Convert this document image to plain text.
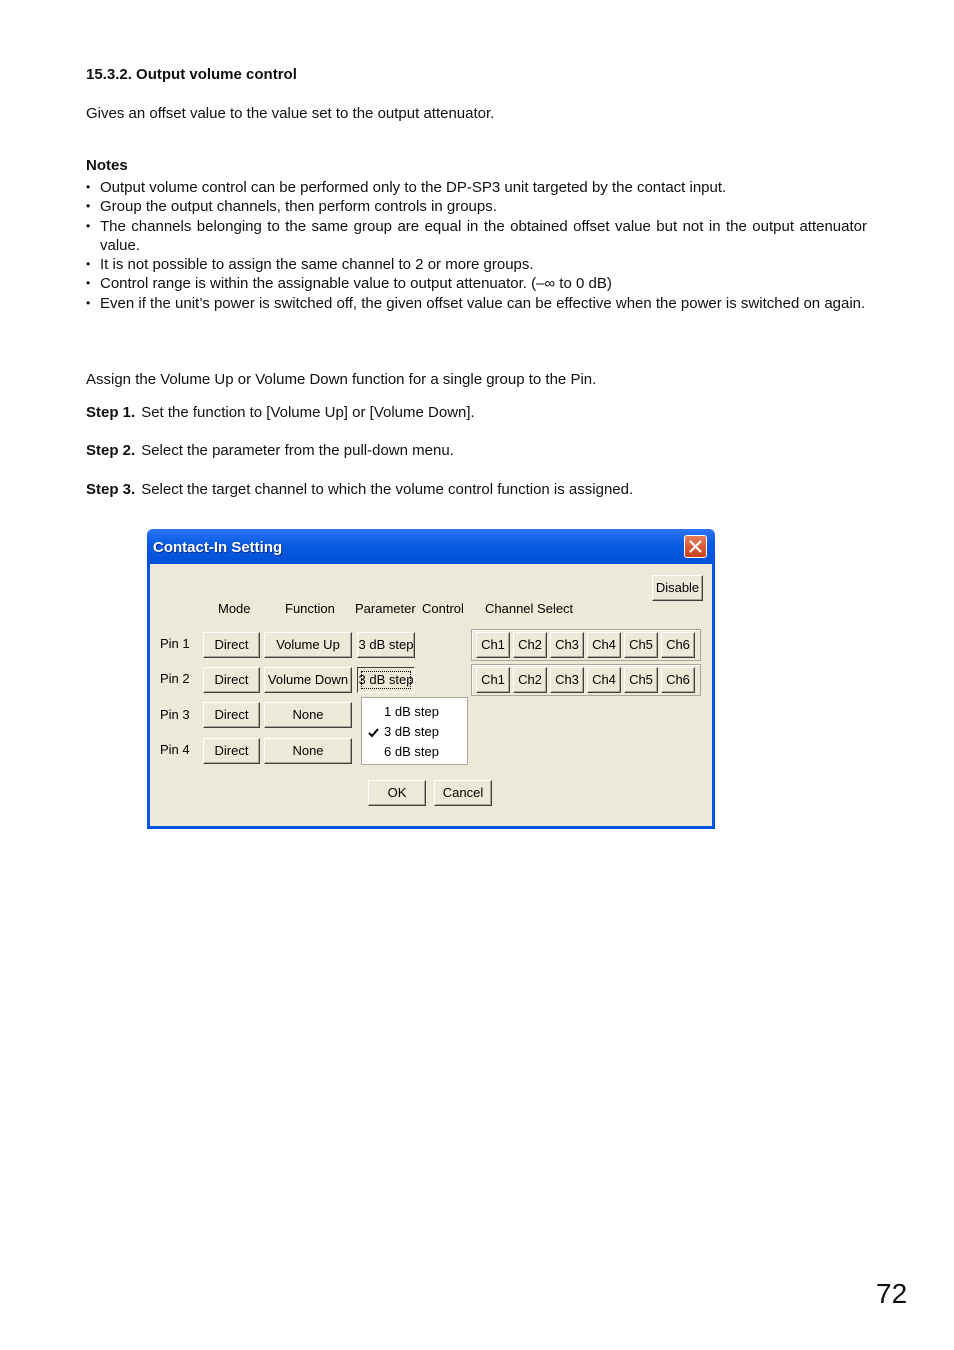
15.3.2. Output volume control
Gives an offset value to the value set to the output attenuator.
Notes
• Output volume control can be performed only to the DP-SP3 unit targeted by the contact input.
• Group the output channels, then perform controls in groups.
• The channels belonging to the same group are equal in the obtained offset value but not in the output attenuator value.
• It is not possible to assign the same channel to 2 or more groups.
• Control range is within the assignable value to output attenuator. (–∞ to 0 dB)
• Even if the unit’s power is switched off, the given offset value can be effective when the power is switched on again.
Assign the Volume Up or Volume Down function for a single group to the Pin.
Step 1. Set the function to [Volume Up] or [Volume Down].
Step 2. Select the parameter from the pull-down menu.
Step 3. Select the target channel to which the volume control function is assigned.
Contact-In Setting
Disable
Mode	Function Parameter Control Channel Select
Pin 1	Direct	Volume Up	3 dB step	Ch1	Ch2	Ch3	Ch4	Ch5	Ch6
Pin 2	Direct	Volume Down 3 dB step	Ch1	Ch2	Ch3	Ch4	Ch5	Ch6
Pin 3	Direct	None
Pin 4	Direct	None
1 dB step
3 dB step
6 dB step
OK	Cancel
72
